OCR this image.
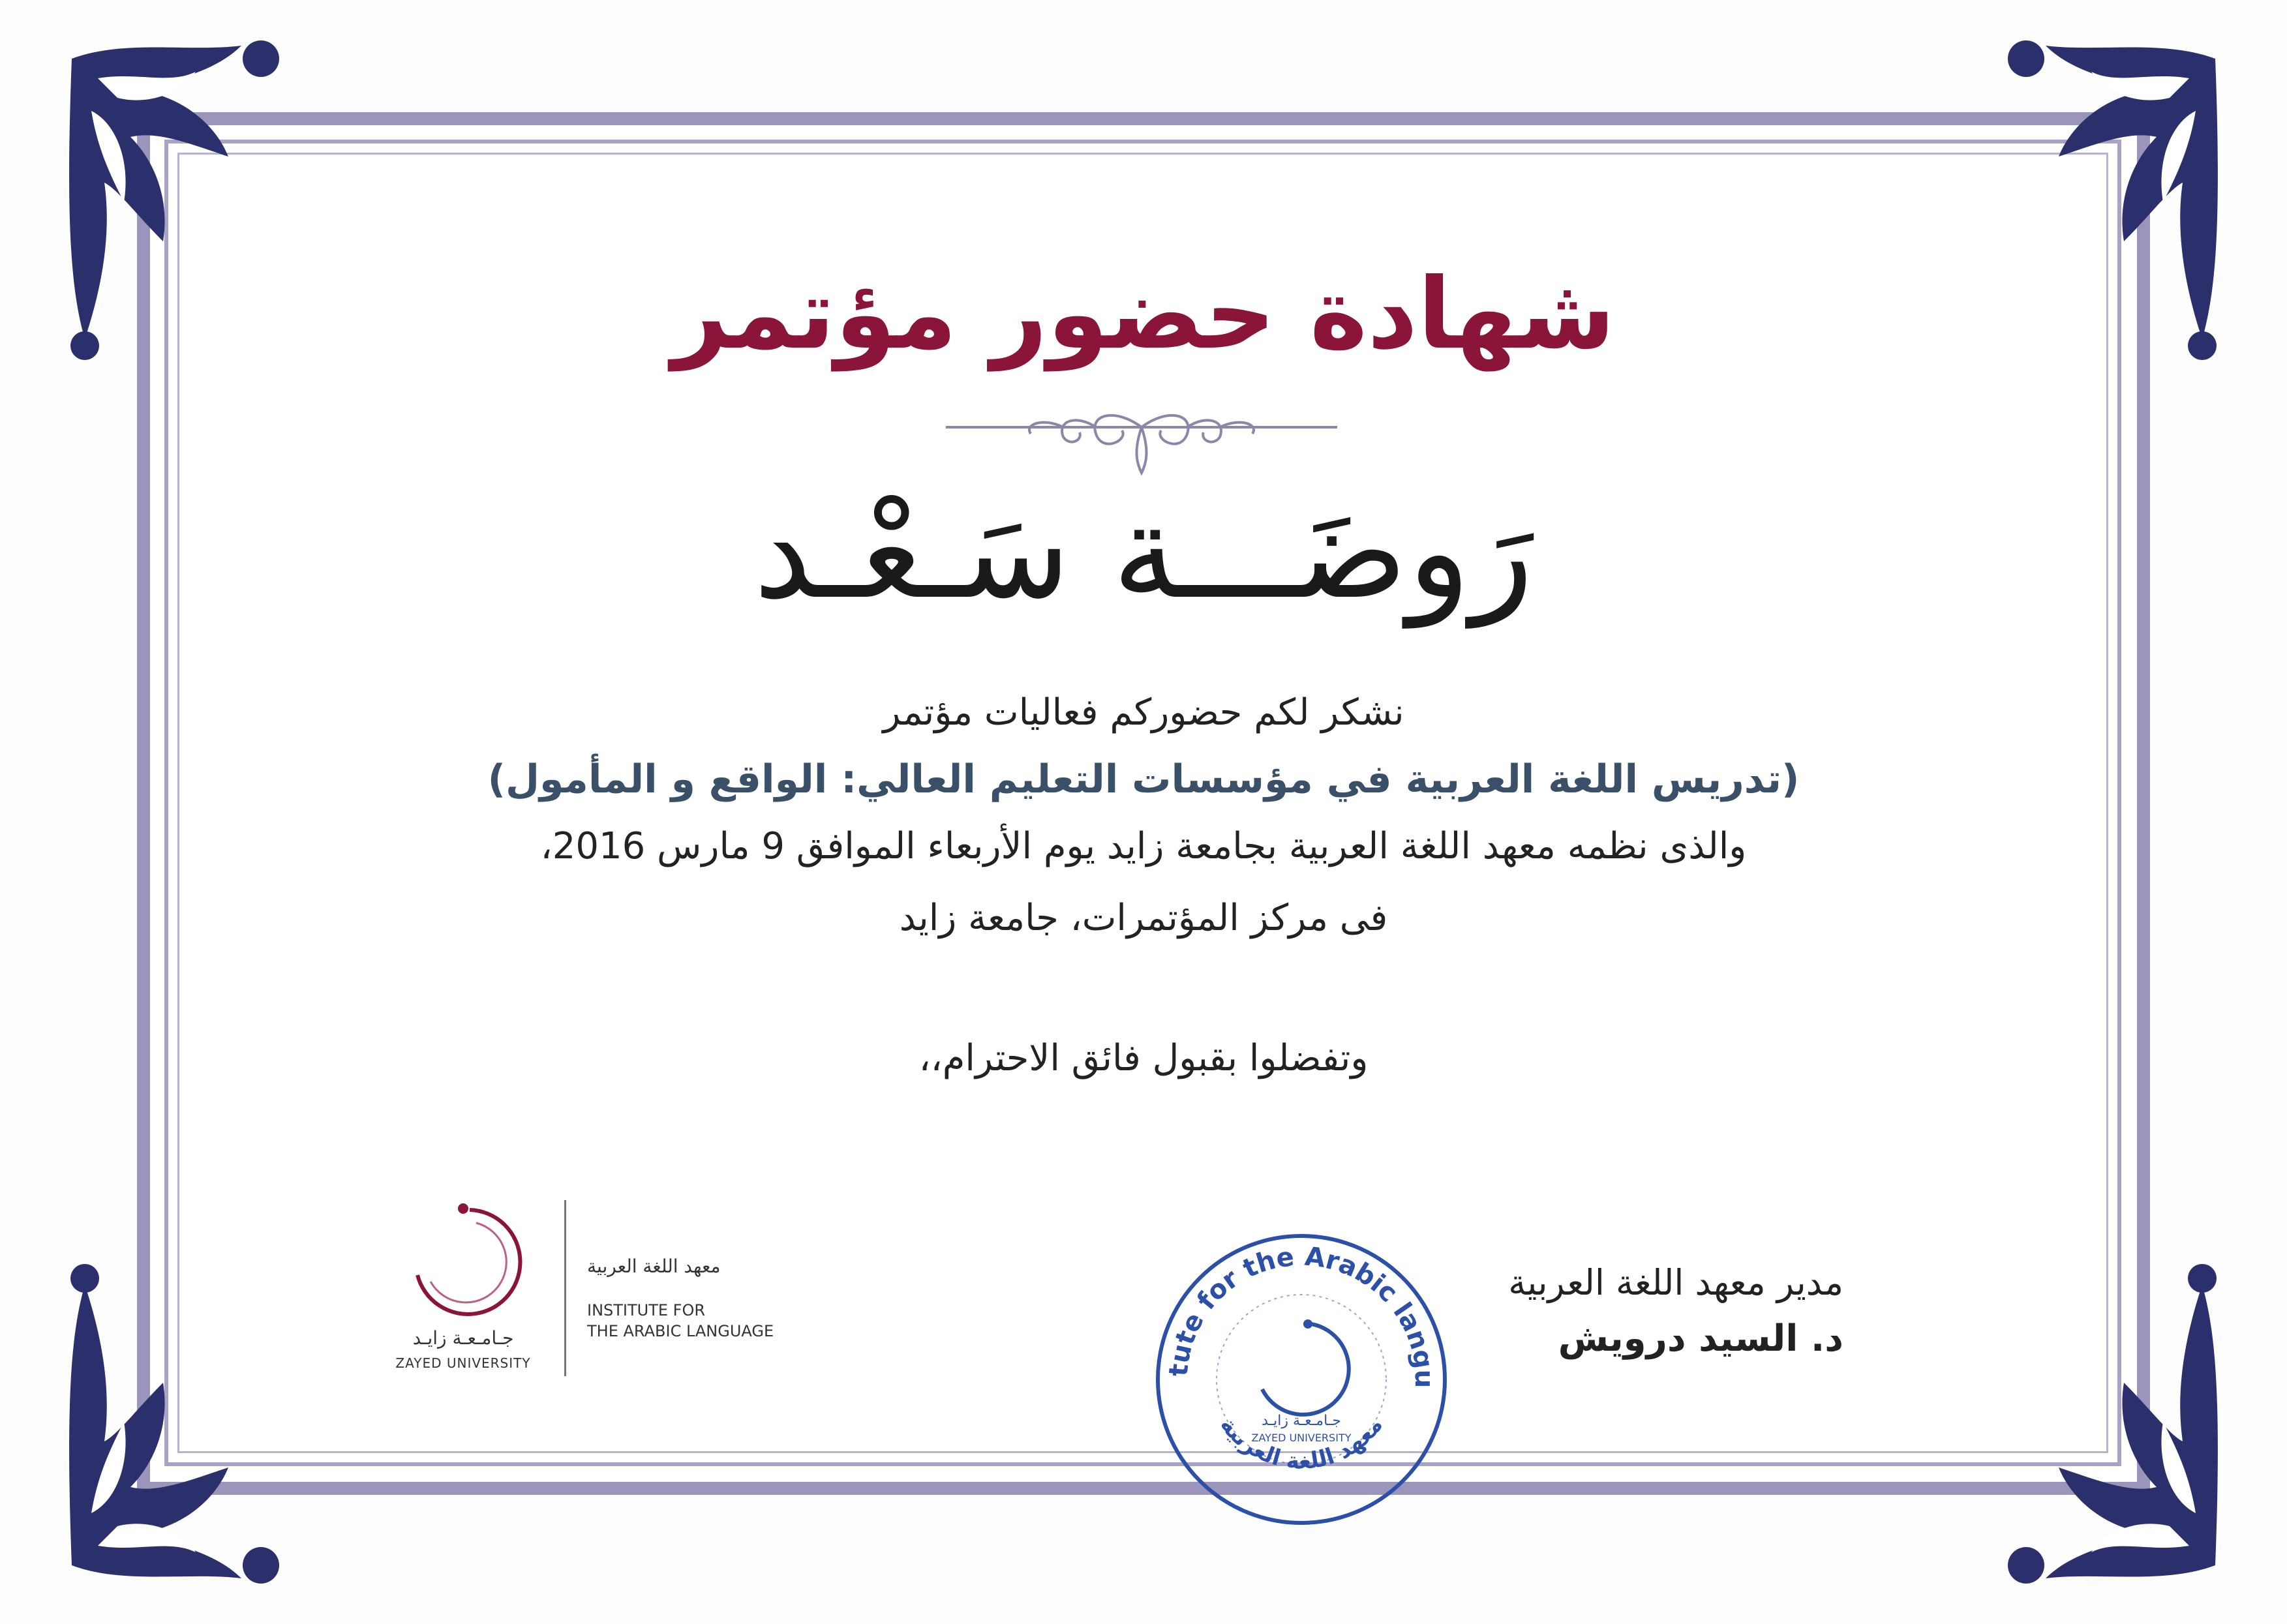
شهادة حضور مؤتمر
رَوضَـــة سَـعْـد
نشكر لكم حضوركم فعاليات مؤتمر
(تدريس اللغة العربية في مؤسسات التعليم العالي: الواقع و المأمول)
والذى نظمه معهد اللغة العربية بجامعة زايد يوم الأربعاء الموافق 9 مارس 2016،
فى مركز المؤتمرات، جامعة زايد
وتفضلوا بقبول فائق الاحترام،،
مدير معهد اللغة العربية
د. السيد درويش
جـامـعـة زايـد
ZAYED UNIVERSITY
معهد اللغة العربية
INSTITUTE FOR
THE ARABIC LANGUAGE
tute for the Arabic langu
معهد اللغة العربية
جـامـعـة زايـد
ZAYED UNIVERSITY
